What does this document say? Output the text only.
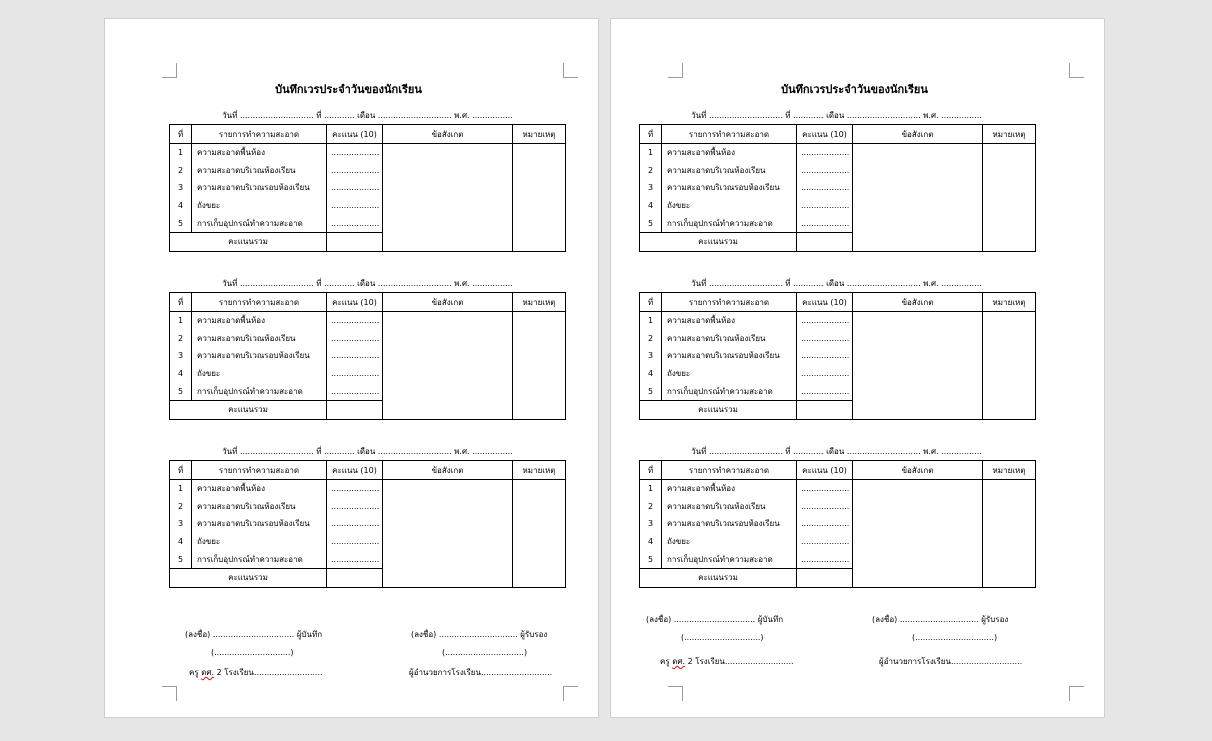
บันทึกเวรประจำวันของนักเรียน
วันที่ ............................. ที่ ............ เดือน ............................. พ.ศ. ................
ที่	รายการทำความสะอาด	คะแนน (10)	ข้อสังเกต	หมายเหตุ
1	ความสะอาดพื้นห้อง	...................		
2	ความสะอาดบริเวณห้องเรียน	...................		
3	ความสะอาดบริเวณรอบห้องเรียน	...................		
4	ถังขยะ	...................		
5	การเก็บอุปกรณ์ทำความสะอาด	...................		
คะแนนรวม				
วันที่ ............................. ที่ ............ เดือน ............................. พ.ศ. ................
ที่	รายการทำความสะอาด	คะแนน (10)	ข้อสังเกต	หมายเหตุ
1	ความสะอาดพื้นห้อง	...................		
2	ความสะอาดบริเวณห้องเรียน	...................		
3	ความสะอาดบริเวณรอบห้องเรียน	...................		
4	ถังขยะ	...................		
5	การเก็บอุปกรณ์ทำความสะอาด	...................		
คะแนนรวม				
วันที่ ............................. ที่ ............ เดือน ............................. พ.ศ. ................
ที่	รายการทำความสะอาด	คะแนน (10)	ข้อสังเกต	หมายเหตุ
1	ความสะอาดพื้นห้อง	...................		
2	ความสะอาดบริเวณห้องเรียน	...................		
3	ความสะอาดบริเวณรอบห้องเรียน	...................		
4	ถังขยะ	...................		
5	การเก็บอุปกรณ์ทำความสะอาด	...................		
คะแนนรวม				
(ลงชื่อ) ................................ ผู้บันทึก	(ลงชื่อ) ............................... ผู้รับรอง
(..............................)	(...............................)
ครู ดศ. 2 โรงเรียน...........................	ผู้อำนวยการโรงเรียน............................
บันทึกเวรประจำวันของนักเรียน
วันที่ ............................. ที่ ............ เดือน ............................. พ.ศ. ................
ที่	รายการทำความสะอาด	คะแนน (10)	ข้อสังเกต	หมายเหตุ
1	ความสะอาดพื้นห้อง	...................		
2	ความสะอาดบริเวณห้องเรียน	...................		
3	ความสะอาดบริเวณรอบห้องเรียน	...................		
4	ถังขยะ	...................		
5	การเก็บอุปกรณ์ทำความสะอาด	...................		
คะแนนรวม				
วันที่ ............................. ที่ ............ เดือน ............................. พ.ศ. ................
ที่	รายการทำความสะอาด	คะแนน (10)	ข้อสังเกต	หมายเหตุ
1	ความสะอาดพื้นห้อง	...................		
2	ความสะอาดบริเวณห้องเรียน	...................		
3	ความสะอาดบริเวณรอบห้องเรียน	...................		
4	ถังขยะ	...................		
5	การเก็บอุปกรณ์ทำความสะอาด	...................		
คะแนนรวม				
วันที่ ............................. ที่ ............ เดือน ............................. พ.ศ. ................
ที่	รายการทำความสะอาด	คะแนน (10)	ข้อสังเกต	หมายเหตุ
1	ความสะอาดพื้นห้อง	...................		
2	ความสะอาดบริเวณห้องเรียน	...................		
3	ความสะอาดบริเวณรอบห้องเรียน	...................		
4	ถังขยะ	...................		
5	การเก็บอุปกรณ์ทำความสะอาด	...................		
คะแนนรวม				
(ลงชื่อ) ................................ ผู้บันทึก	(ลงชื่อ) ............................... ผู้รับรอง
(..............................)	(...............................)
ครู ดศ. 2 โรงเรียน...........................	ผู้อำนวยการโรงเรียน............................
